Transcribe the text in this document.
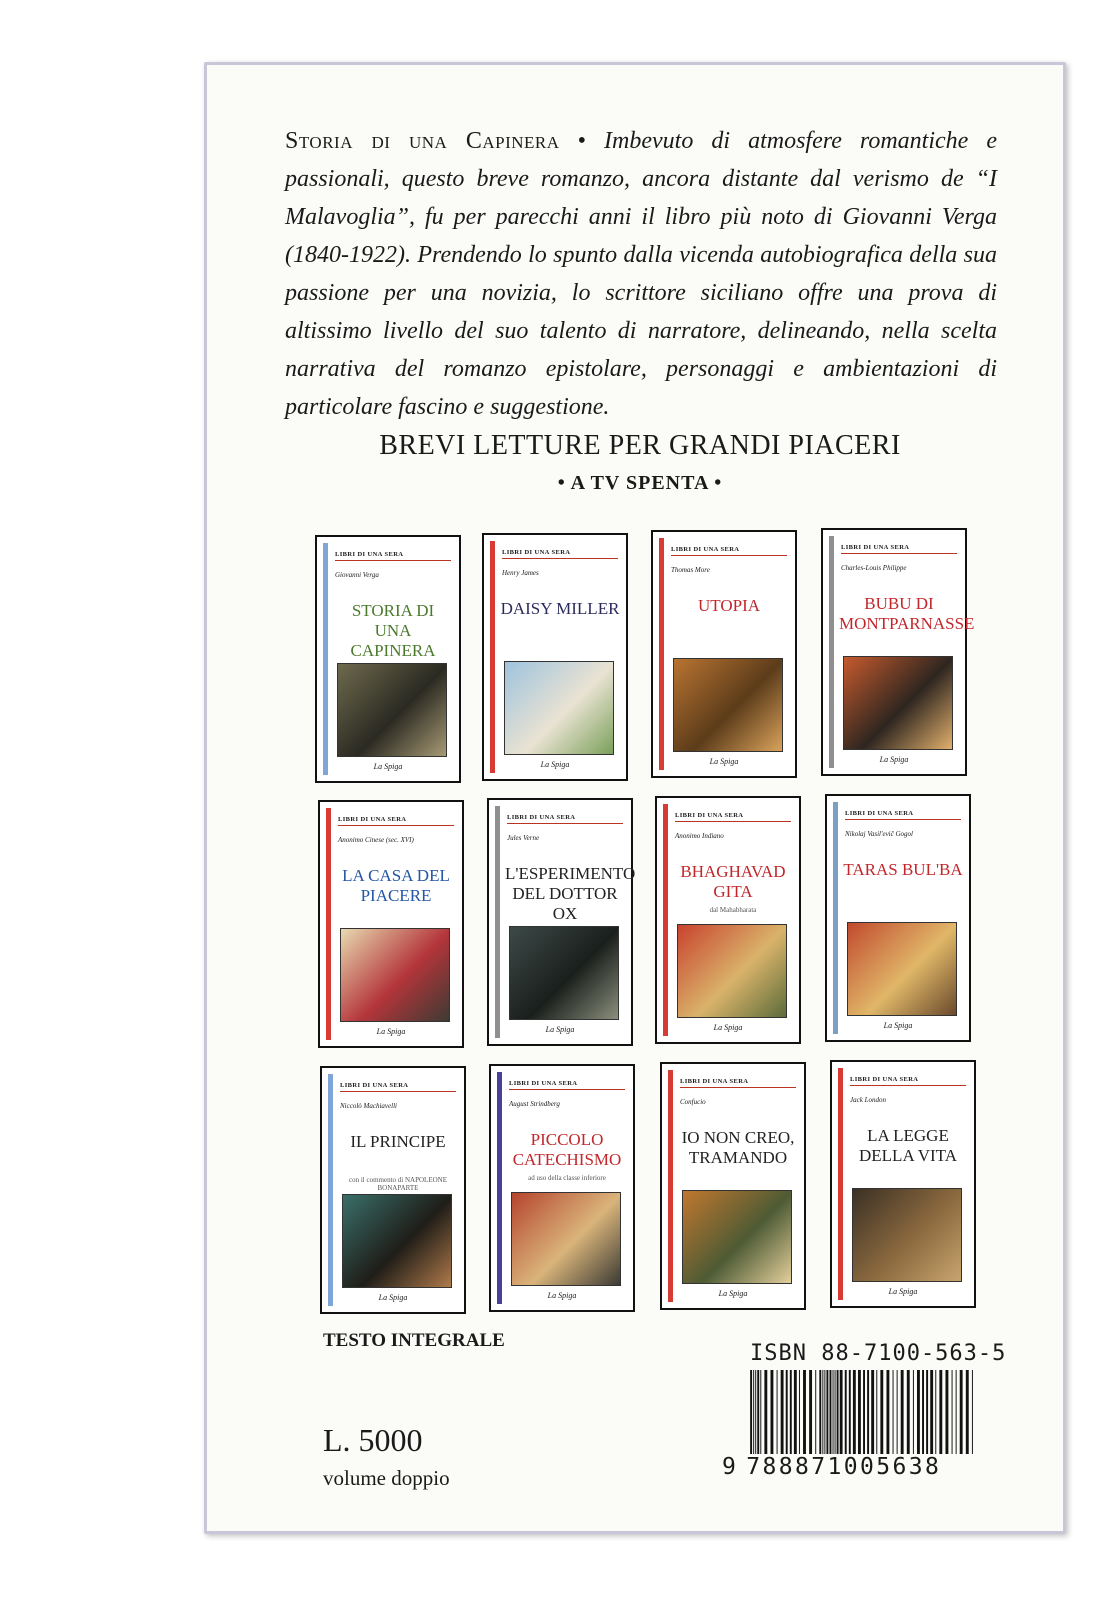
Storia di una Capinera • Imbevuto di atmosfere romantiche e passionali, questo breve romanzo, ancora distante dal verismo de “I Malavoglia”, fu per parecchi anni il libro più noto di Giovanni Verga (1840-1922). Prendendo lo spunto dalla vicenda autobiografica della sua passione per una novizia, lo scrittore siciliano offre una prova di altissimo livello del suo talento di narratore, delineando, nella scelta narrativa del romanzo epistolare, personaggi e ambientazioni di particolare fascino e suggestione.

BREVI LETTURE PER GRANDI PIACERI

• A TV SPENTA •

LIBRI DI UNA SERA
Giovanni Verga
STORIA DI UNA CAPINERA
La Spiga
LIBRI DI UNA SERA
Henry James
DAISY MILLER
La Spiga
LIBRI DI UNA SERA
Thomas More
UTOPIA
La Spiga
LIBRI DI UNA SERA
Charles-Louis Philippe
BUBU DI MONTPARNASSE
La Spiga
LIBRI DI UNA SERA
Anonimo Cinese (sec. XVI)
LA CASA DEL PIACERE
La Spiga
LIBRI DI UNA SERA
Jules Verne
L'ESPERIMENTO DEL DOTTOR OX
La Spiga
LIBRI DI UNA SERA
Anonimo Indiano
BHAGHAVAD GITA
dal Mahabharata
La Spiga
LIBRI DI UNA SERA
Nikolaj Vasil'evič Gogol
TARAS BUL'BA
La Spiga
LIBRI DI UNA SERA
Niccolò Machiavelli
IL PRINCIPE
con il commento di NAPOLEONE BONAPARTE
La Spiga
LIBRI DI UNA SERA
August Strindberg
PICCOLO CATECHISMO
ad uso della classe inferiore
La Spiga
LIBRI DI UNA SERA
Confucio
IO NON CREO, TRAMANDO
La Spiga
LIBRI DI UNA SERA
Jack London
LA LEGGE DELLA VITA
La Spiga

TESTO INTEGRALE

L. 5000

volume doppio

ISBN 88-7100-563-5

9 788871005638
